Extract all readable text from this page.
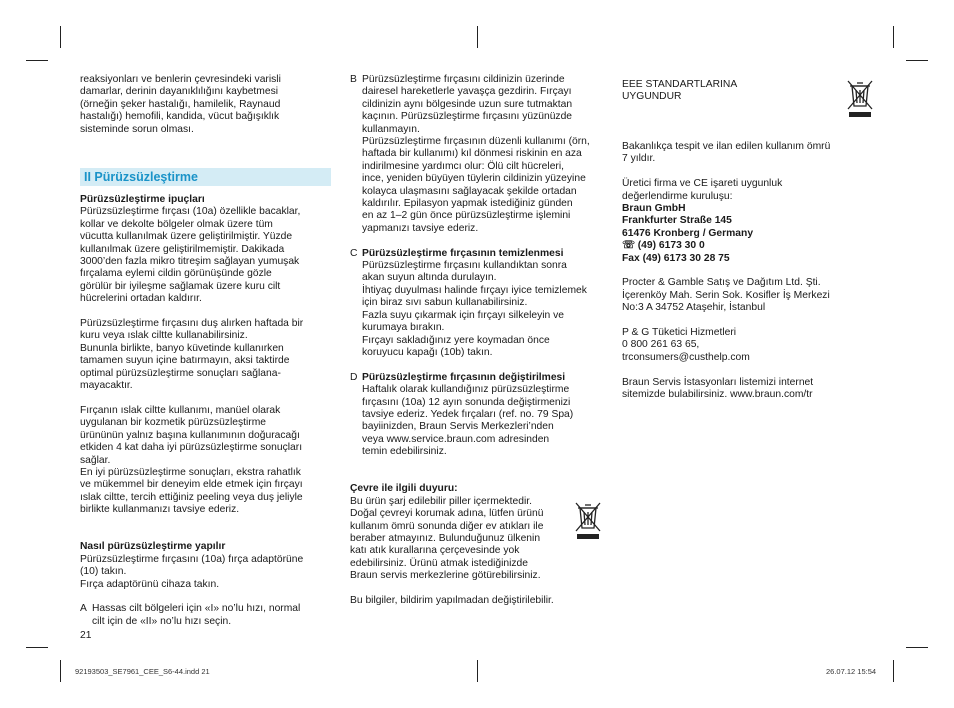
reaksiyonları ve benlerin çevresindeki varisli

damarlar, derinin dayanıklılığını kaybetmesi

(örneğin şeker hastalığı, hamilelik, Raynaud

hastalığı) hemofili, kandida, vücut bağışıklık

sisteminde sorun olması.

II Pürüzsüzleştirme

Pürüzsüzleştirme ipuçları

Pürüzsüzleştirme fırçası (10a) özellikle bacaklar,

kollar ve dekolte bölgeler olmak üzere tüm

vücutta kullanılmak üzere geliştirilmiştir. Yüzde

kullanılmak üzere geliştirilmemiştir. Dakikada

3000’den fazla mikro titreşim sağlayan yumuşak

fırçalama eylemi cildin görünüşünde gözle

görülür bir iyileşme sağlamak üzere kuru cilt

hücrelerini ortadan kaldırır.

Pürüzsüzleştirme fırçasını duş alırken haftada bir

kuru veya ıslak ciltte kullanabilirsiniz.

Bununla birlikte, banyo küvetinde kullanırken

tamamen suyun içine batırmayın, aksi taktirde

optimal pürüzsüzleştirme sonuçları sağlana-

mayacaktır.

Fırçanın ıslak ciltte kullanımı, manüel olarak

uygulanan bir kozmetik pürüzsüzleştirme

ürününün yalnız başına kullanımının doğuracağı

etkiden 4 kat daha iyi pürüzsüzleştirme sonuçları

sağlar.

En iyi pürüzsüzleştirme sonuçları, ekstra rahatlık

ve mükemmel bir deneyim elde etmek için fırçayı

ıslak ciltte, tercih ettiğiniz peeling veya duş jeliyle

birlikte kullanmanızı tavsiye ederiz.

Nasıl pürüzsüzleştirme yapılır

Pürüzsüzleştirme fırçasını (10a) fırça adaptörüne

(10) takın.

Fırça adaptörünü cihaza takın.

A Hassas cilt bölgeleri için «I» no’lu hızı, normal

cilt için de «II» no’lu hızı seçin.

21

B Pürüzsüzleştirme fırçasını cildinizin üzerinde

dairesel hareketlerle yavaşça gezdirin. Fırçayı

cildinizin aynı bölgesinde uzun sure tutmaktan

kaçının. Pürüzsüzleştirme fırçasını yüzünüzde

kullanmayın.

Pürüzsüzleştirme fırçasının düzenli kullanımı (örn,

haftada bir kullanımı) kıl dönmesi riskinin en aza

indirilmesine yardımcı olur: Ölü cilt hücreleri,

ince, yeniden büyüyen tüylerin cildinizin yüzeyine

kolayca ulaşmasını sağlayacak şekilde ortadan

kaldırılır. Epilasyon yapmak istediğiniz günden

en az 1–2 gün önce pürüzsüzleştirme işlemini

yapmanızı tavsiye ederiz.

C Pürüzsüzleştirme fırçasının temizlenmesi

Pürüzsüzleştirme fırçasını kullandıktan sonra

akan suyun altında durulayın.

İhtiyaç duyulması halinde fırçayı iyice temizlemek

için biraz sıvı sabun kullanabilirsiniz.

Fazla suyu çıkarmak için fırçayı silkeleyin ve

kurumaya bırakın.

Fırçayı sakladığınız yere koymadan önce

koruyucu kapağı (10b) takın.

D Pürüzsüzleştirme fırçasının değiştirilmesi

Haftalık olarak kullandığınız pürüzsüzleştirme

fırçasını (10a) 12 ayın sonunda değiştirmenizi

tavsiye ederiz. Yedek fırçaları (ref. no. 79 Spa)

bayiinizden, Braun Servis Merkezleri’nden

veya www.service.braun.com adresinden

temin edebilirsiniz.

Çevre ile ilgili duyuru:

Bu ürün şarj edilebilir piller içermektedir.

Doğal çevreyi korumak adına, lütfen ürünü

kullanım ömrü sonunda diğer ev atıkları ile

beraber atmayınız. Bulunduğunuz ülkenin

katı atık kurallarına çerçevesinde yok

edebilirsiniz. Ürünü atmak istediğinizde

Braun servis merkezlerine götürebilirsiniz.

Bu bilgiler, bildirim yapılmadan değiştirilebilir.

EEE STANDARTLARINA

UYGUNDUR

Bakanlıkça tespit ve ilan edilen kullanım ömrü

7 yıldır.

Üretici firma ve CE işareti uygunluk

değerlendirme kuruluşu:

Braun GmbH

Frankfurter Straße 145

61476 Kronberg / Germany

☏ (49) 6173 30 0

Fax (49) 6173 30 28 75

Procter & Gamble Satış ve Dağıtım Ltd. Şti.

İçerenköy Mah. Serin Sok. Kosifler İş Merkezi

No:3 A 34752 Ataşehir, İstanbul

P & G Tüketici Hizmetleri

0 800 261 63 65,

trconsumers@custhelp.com

Braun Servis İstasyonları listemizi internet

sitemizde bulabilirsiniz. www.braun.com/tr

92193503_SE7961_CEE_S6-44.indd 21	26.07.12 15:54
